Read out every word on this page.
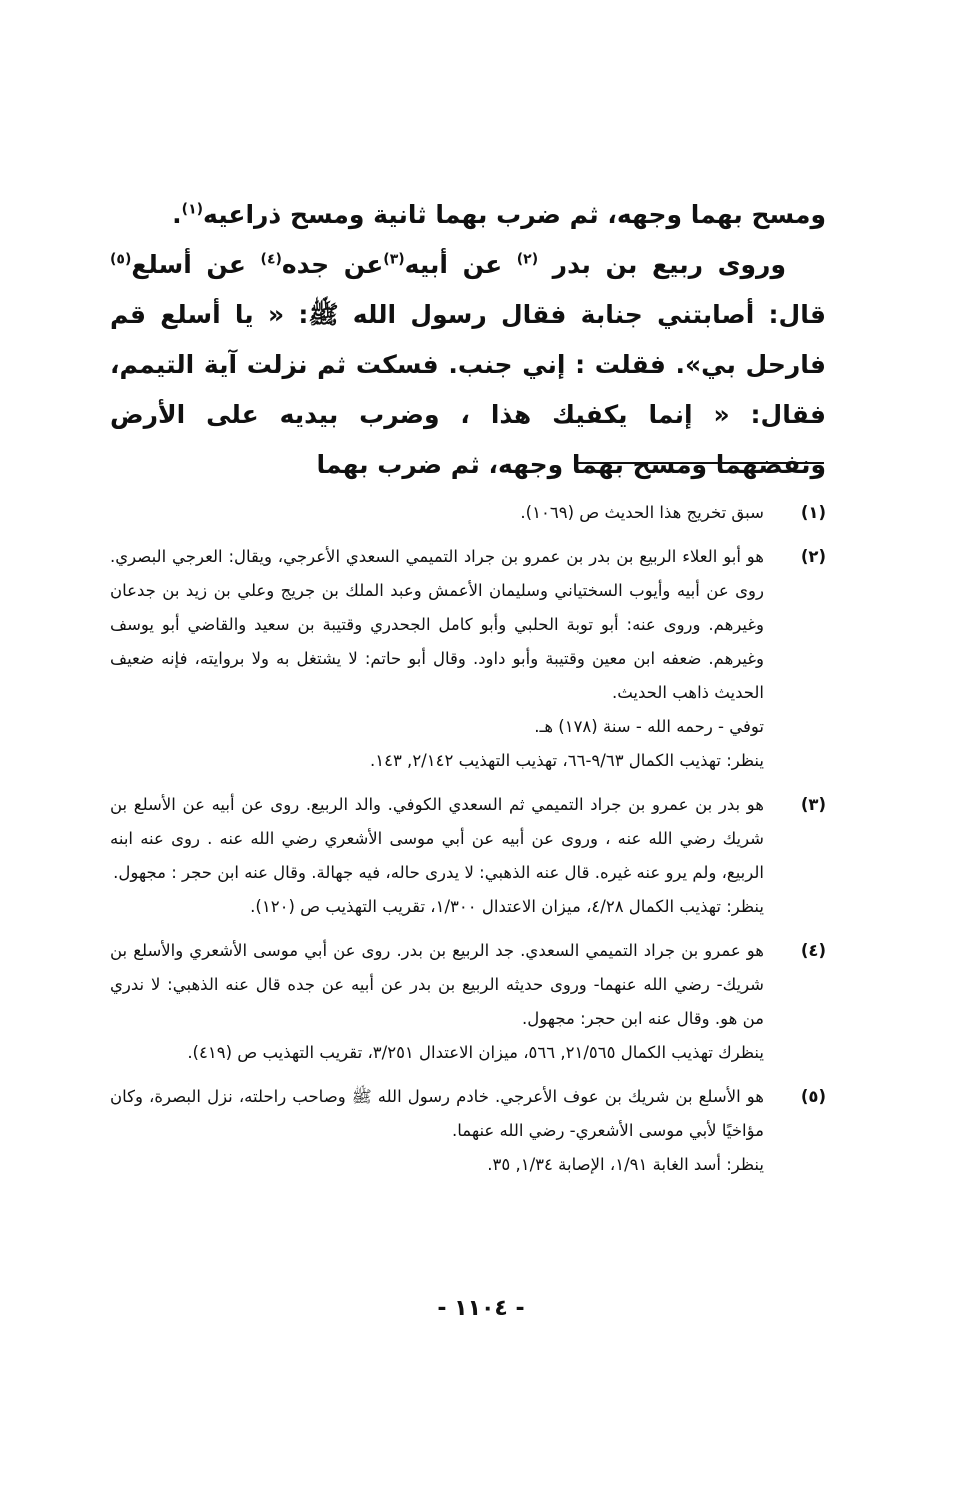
ومسح بهما وجهه، ثم ضرب بهما ثانية ومسح ذراعيه$^{(١)}$.

وروى ربيع بن بدر $^{(٢)}$ عن أبيه$^{(٣)}$عن جده$^{(٤)}$ عن أسلع$^{(٥)}$ قال: أصابتني جنابة فقال رسول الله ﷺ: « يا أسلع قم فارحل بي». فقلت : إني جنب. فسكت ثم نزلت آية التيمم، فقال: « إنما يكفيك هذا ، وضرب بيديه على الأرض ونفضهما ومسح بهما وجهه، ثم ضرب بهما

(١)
سبق تخريج هذا الحديث ص (١٠٦٩).
(٢)
هو أبو العلاء الربيع بن بدر بن عمرو بن جراد التميمي السعدي الأعرجي، ويقال: العرجي البصري. روى عن أبيه وأيوب السختياني وسليمان الأعمش وعبد الملك بن جريج وعلي بن زيد بن جدعان وغيرهم. وروى عنه: أبو توبة الحلبي وأبو كامل الجحدري وقتيبة بن سعيد والقاضي أبو يوسف وغيرهم. ضعفه ابن معين وقتيبة وأبو داود. وقال أبو حاتم: لا يشتغل به ولا بروايته، فإنه ضعيف الحديث ذاهب الحديث.
توفي - رحمه الله - سنة (١٧٨) هـ.
ينظر: تهذيب الكمال ٩/٦٣-٦٦، تهذيب التهذيب ٢/١٤٢, ١٤٣.
(٣)
هو بدر بن عمرو بن جراد التميمي ثم السعدي الكوفي. والد الربيع. روى عن أبيه عن الأسلع بن شريك رضي الله عنه ، وروى عن أبيه عن أبي موسى الأشعري رضي الله عنه . روى عنه ابنه الربيع، ولم يرو عنه غيره. قال عنه الذهبي: لا يدرى حاله، فيه جهالة. وقال عنه ابن حجر : مجهول.
ينظر: تهذيب الكمال ٤/٢٨، ميزان الاعتدال ١/٣٠٠، تقريب التهذيب ص (١٢٠).
(٤)
هو عمرو بن جراد التميمي السعدي. جد الربيع بن بدر. روى عن أبي موسى الأشعري والأسلع بن شريك- رضي الله عنهما- وروى حديثه الربيع بن بدر عن أبيه عن جده قال عنه الذهبي: لا ندري من هو. وقال عنه ابن حجر: مجهول.
ينظرك تهذيب الكمال ٢١/٥٦٥, ٥٦٦، ميزان الاعتدال ٣/٢٥١، تقريب التهذيب ص (٤١٩).
(٥)
هو الأسلع بن شريك بن عوف الأعرجي. خادم رسول الله ﷺ وصاحب راحلته، نزل البصرة، وكان مؤاخيًا لأبي موسى الأشعري- رضي الله عنهما.
ينظر: أسد الغابة ١/٩١، الإصابة ١/٣٤, ٣٥.
- ١١٠٤ -
